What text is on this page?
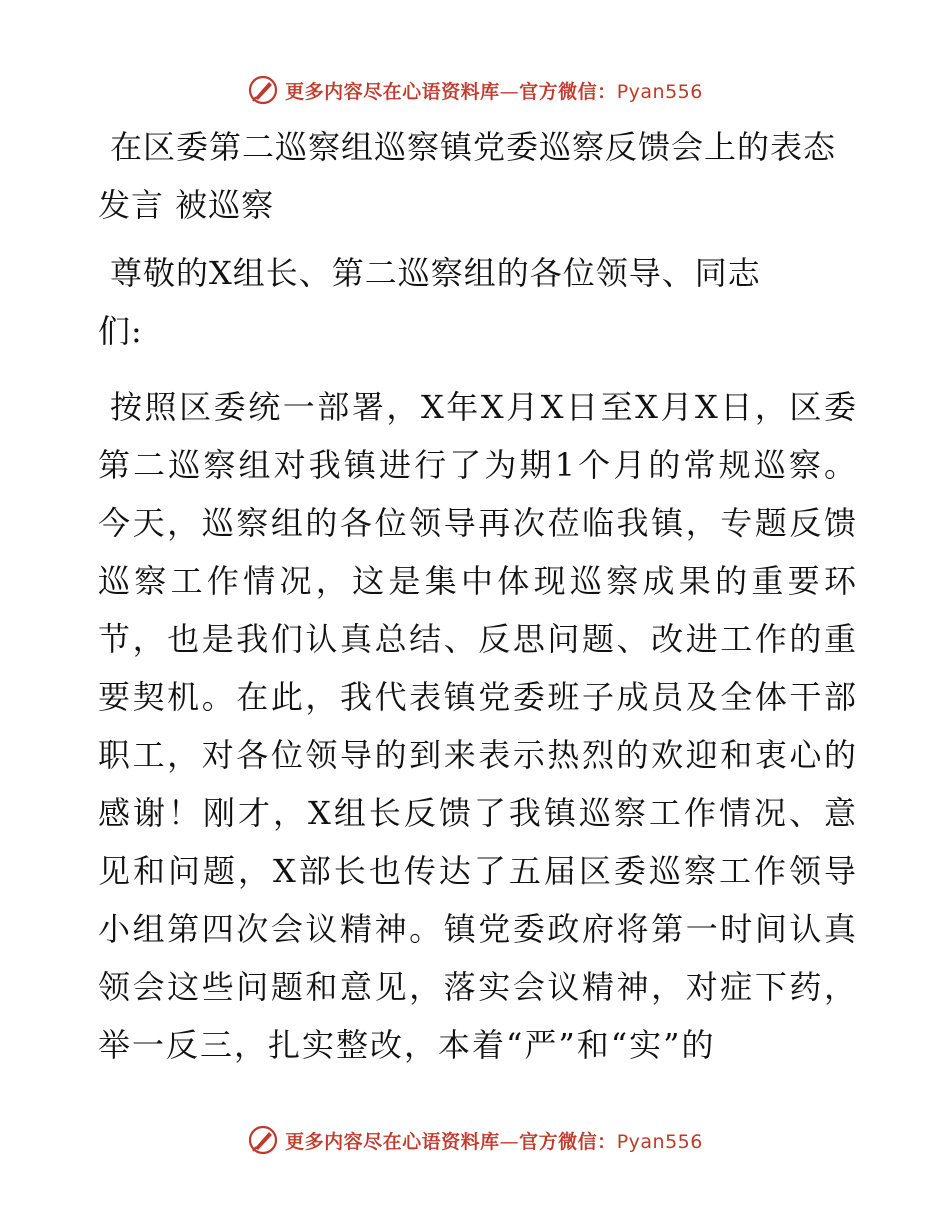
更多内容尽在心语资料库—官方微信：Pyan556
在区委第二巡察组巡察镇党委巡察反馈会上的表态发言 被巡察

尊敬的X组长、第二巡察组的各位领导、同志们:

按照区委统一部署，X年X月X日至X月X日，区委第二巡察组对我镇进行了为期1个月的常规巡察。今天，巡察组的各位领导再次莅临我镇，专题反馈巡察工作情况，这是集中体现巡察成果的重要环节，也是我们认真总结、反思问题、改进工作的重要契机。在此，我代表镇党委班子成员及全体干部职工，对各位领导的到来表示热烈的欢迎和衷心的感谢！刚才，X组长反馈了我镇巡察工作情况、意见和问题，X部长也传达了五届区委巡察工作领导小组第四次会议精神。镇党委政府将第一时间认真领会这些问题和意见，落实会议精神，对症下药，举一反三，扎实整改，本着“严”和“实”的

更多内容尽在心语资料库—官方微信：Pyan556
